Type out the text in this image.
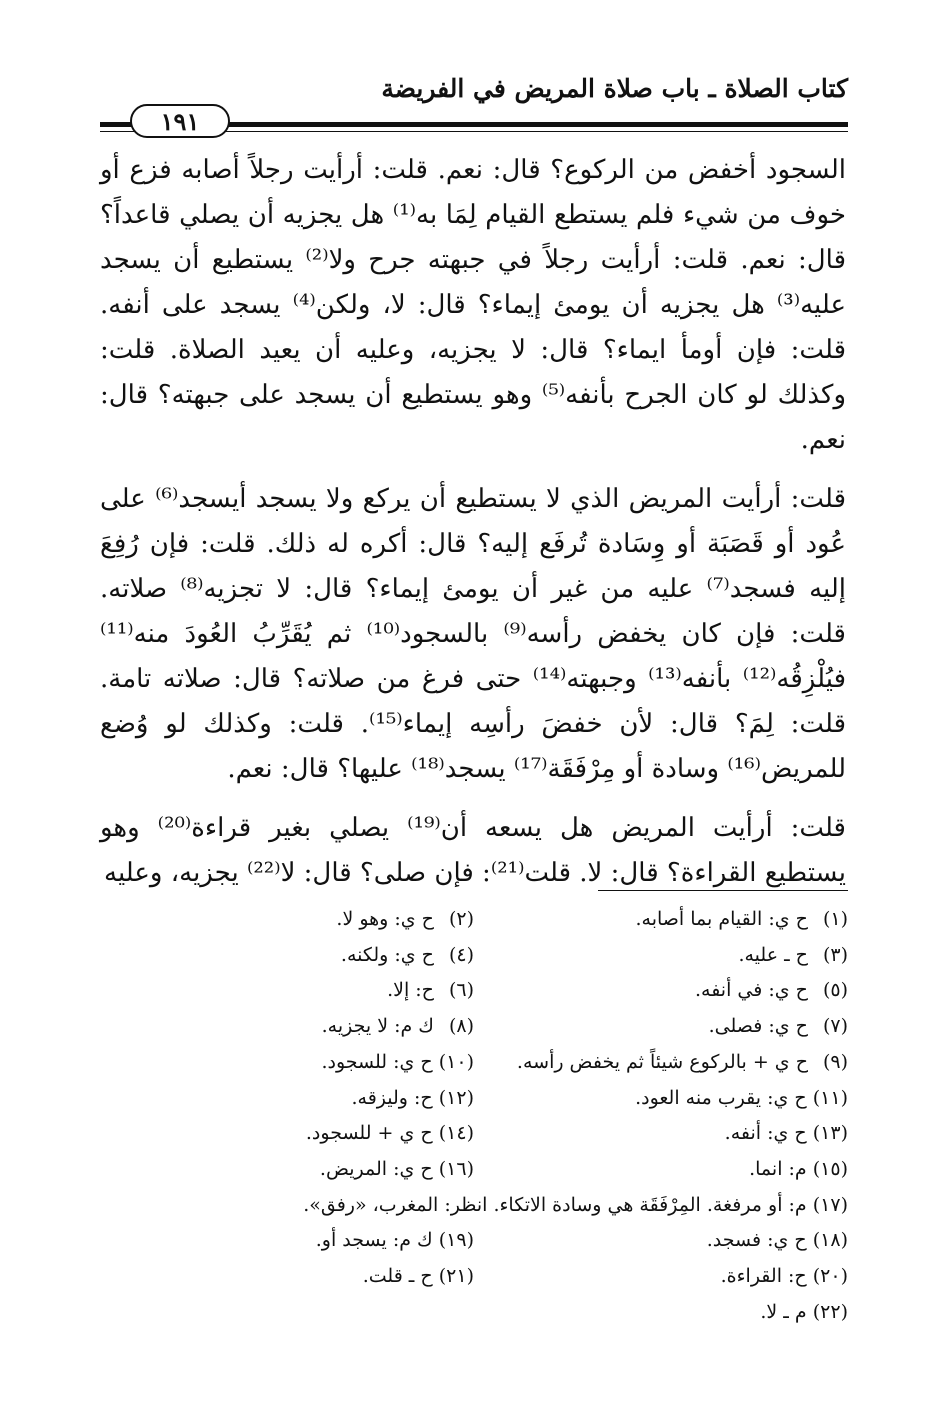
كتاب الصلاة ـ باب صلاة المريض في الفريضة
١٩١

السجود أخفض من الركوع؟ قال: نعم. قلت: أرأيت رجلاً أصابه فزع أو خوف من شيء فلم يستطع القيام لِمَا به⁽¹⁾ هل يجزيه أن يصلي قاعداً؟ قال: نعم. قلت: أرأيت رجلاً في جبهته جرح ولا⁽²⁾ يستطيع أن يسجد عليه⁽³⁾ هل يجزيه أن يومئ إيماء؟ قال: لا، ولكن⁽⁴⁾ يسجد على أنفه. قلت: فإن أومأ ايماء؟ قال: لا يجزيه، وعليه أن يعيد الصلاة. قلت: وكذلك لو كان الجرح بأنفه⁽⁵⁾ وهو يستطيع أن يسجد على جبهته؟ قال: نعم.

قلت: أرأيت المريض الذي لا يستطيع أن يركع ولا يسجد أيسجد⁽⁶⁾ على عُود أو قَصَبَة أو وِسَادة تُرفَع إليه؟ قال: أكره له ذلك. قلت: فإن رُفِعَ إليه فسجد⁽⁷⁾ عليه من غير أن يومئ إيماء؟ قال: لا تجزيه⁽⁸⁾ صلاته. قلت: فإن كان يخفض رأسه⁽⁹⁾ بالسجود⁽¹⁰⁾ ثم يُقَرِّبُ العُودَ منه⁽¹¹⁾ فيُلْزِقُه⁽¹²⁾ بأنفه⁽¹³⁾ وجبهته⁽¹⁴⁾ حتى فرغ من صلاته؟ قال: صلاته تامة. قلت: لِمَ؟ قال: لأن خفضَ رأسِه إيماء⁽¹⁵⁾. قلت: وكذلك لو وُضع للمريض⁽¹⁶⁾ وسادة أو مِرْفَقَة⁽¹⁷⁾ يسجد⁽¹⁸⁾ عليها؟ قال: نعم.

قلت: أرأيت المريض هل يسعه أن⁽¹⁹⁾ يصلي بغير قراءة⁽²⁰⁾ وهو يستطيع القراءة؟ قال: لا. قلت⁽²¹⁾: فإن صلى؟ قال: لا⁽²²⁾ يجزيه، وعليه

(١) ح ي: القيام بما أصابه.
(٢) ح ي: وهو لا.
(٣) ح ـ عليه.
(٤) ح ي: ولكنه.
(٥) ح ي: في أنفه.
(٦) ح: إلا.
(٧) ح ي: فصلى.
(٨) ك م: لا يجزيه.
(٩) ح ي + بالركوع شيئاً ثم يخفض رأسه.
(١٠) ح ي: للسجود.
(١١) ح ي: يقرب منه العود.
(١٢) ح: وليزقه.
(١٣) ح ي: أنفه.
(١٤) ح ي + للسجود.
(١٥) م: انما.
(١٦) ح ي: المريض.
(١٧) م: أو مرفغة. المِرْفَقَة هي وسادة الاتكاء. انظر: المغرب، «رفق».
(١٨) ح ي: فسجد.
(١٩) ك م: يسجد أو.
(٢٠) ح: القراءة.
(٢١) ح ـ قلت.
(٢٢) م ـ لا.
